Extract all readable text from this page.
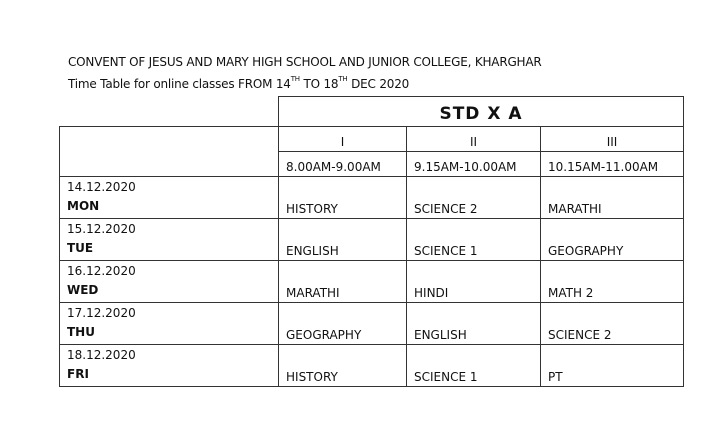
CONVENT OF JESUS AND MARY HIGH SCHOOL AND JUNIOR COLLEGE, KHARGHAR
Time Table for online classes FROM 14TH TO 18TH DEC 2020
	STD X A		
	I	II	III
	8.00AM-9.00AM	9.15AM-10.00AM	10.15AM-11.00AM

14.12.2020
MON	HISTORY	SCIENCE 2	MARATHI

15.12.2020
TUE	ENGLISH	SCIENCE 1	GEOGRAPHY

16.12.2020
WED	MARATHI	HINDI	MATH 2

17.12.2020
THU	GEOGRAPHY	ENGLISH	SCIENCE 2

18.12.2020
FRI	HISTORY	SCIENCE 1	PT
